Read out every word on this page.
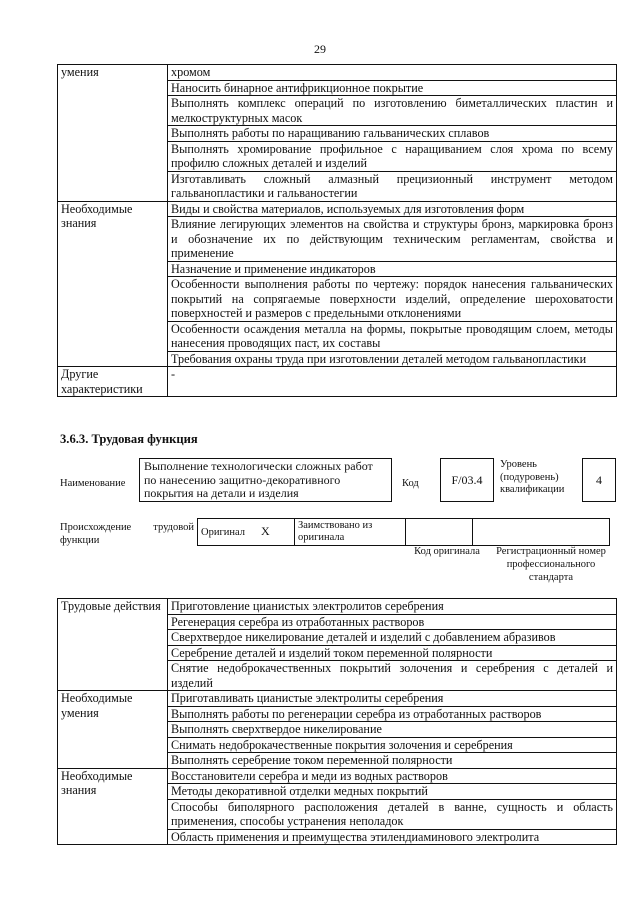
29
умения	хромом
	Наносить бинарное антифрикционное покрытие
	Выполнять комплекс операций по изготовлению биметаллических пластин и мелкоструктурных масок
	Выполнять работы по наращиванию гальванических сплавов
	Выполнять хромирование профильное с наращиванием слоя хрома по всему профилю сложных деталей и изделий
	Изготавливать сложный алмазный прецизионный инструмент методом гальванопластики и гальваностегии
Необходимые знания	Виды и свойства материалов, используемых для изготовления форм
	Влияние легирующих элементов на свойства и структуры бронз, маркировка бронз и обозначение их по действующим техническим регламентам, свойства и применение
	Назначение и применение индикаторов
	Особенности выполнения работы по чертежу: порядок нанесения гальванических покрытий на сопрягаемые поверхности изделий, определение шероховатости поверхностей и размеров с предельными отклонениями
	Особенности осаждения металла на формы, покрытые проводящим слоем, методы нанесения проводящих паст, их составы
	Требования охраны труда при изготовлении деталей методом гальванопластики
Другие характеристики	-
3.6.3. Трудовая функция
Наименование
Выполнение технологически сложных работ по нанесению защитно-декоративного покрытия на детали и изделия
Код	F/03.4
Уровень (подуровень) квалификации
4
Происхождение трудовой функции
Оригинал X	Заимствовано из оригинала		
Код оригинала	Регистрационный номер профессионального стандарта
Трудовые действия	Приготовление цианистых электролитов серебрения
	Регенерация серебра из отработанных растворов
	Сверхтвердое никелирование деталей и изделий с добавлением абразивов
	Серебрение деталей и изделий током переменной полярности
	Снятие недоброкачественных покрытий золочения и серебрения с деталей и изделий
Необходимые умения	Приготавливать цианистые электролиты серебрения
	Выполнять работы по регенерации серебра из отработанных растворов
	Выполнять сверхтвердое никелирование
	Снимать недоброкачественные покрытия золочения и серебрения
	Выполнять серебрение током переменной полярности
Необходимые знания	Восстановители серебра и меди из водных растворов
	Методы декоративной отделки медных покрытий
	Способы биполярного расположения деталей в ванне, сущность и область применения, способы устранения неполадок
	Область применения и преимущества этилендиаминового электролита
